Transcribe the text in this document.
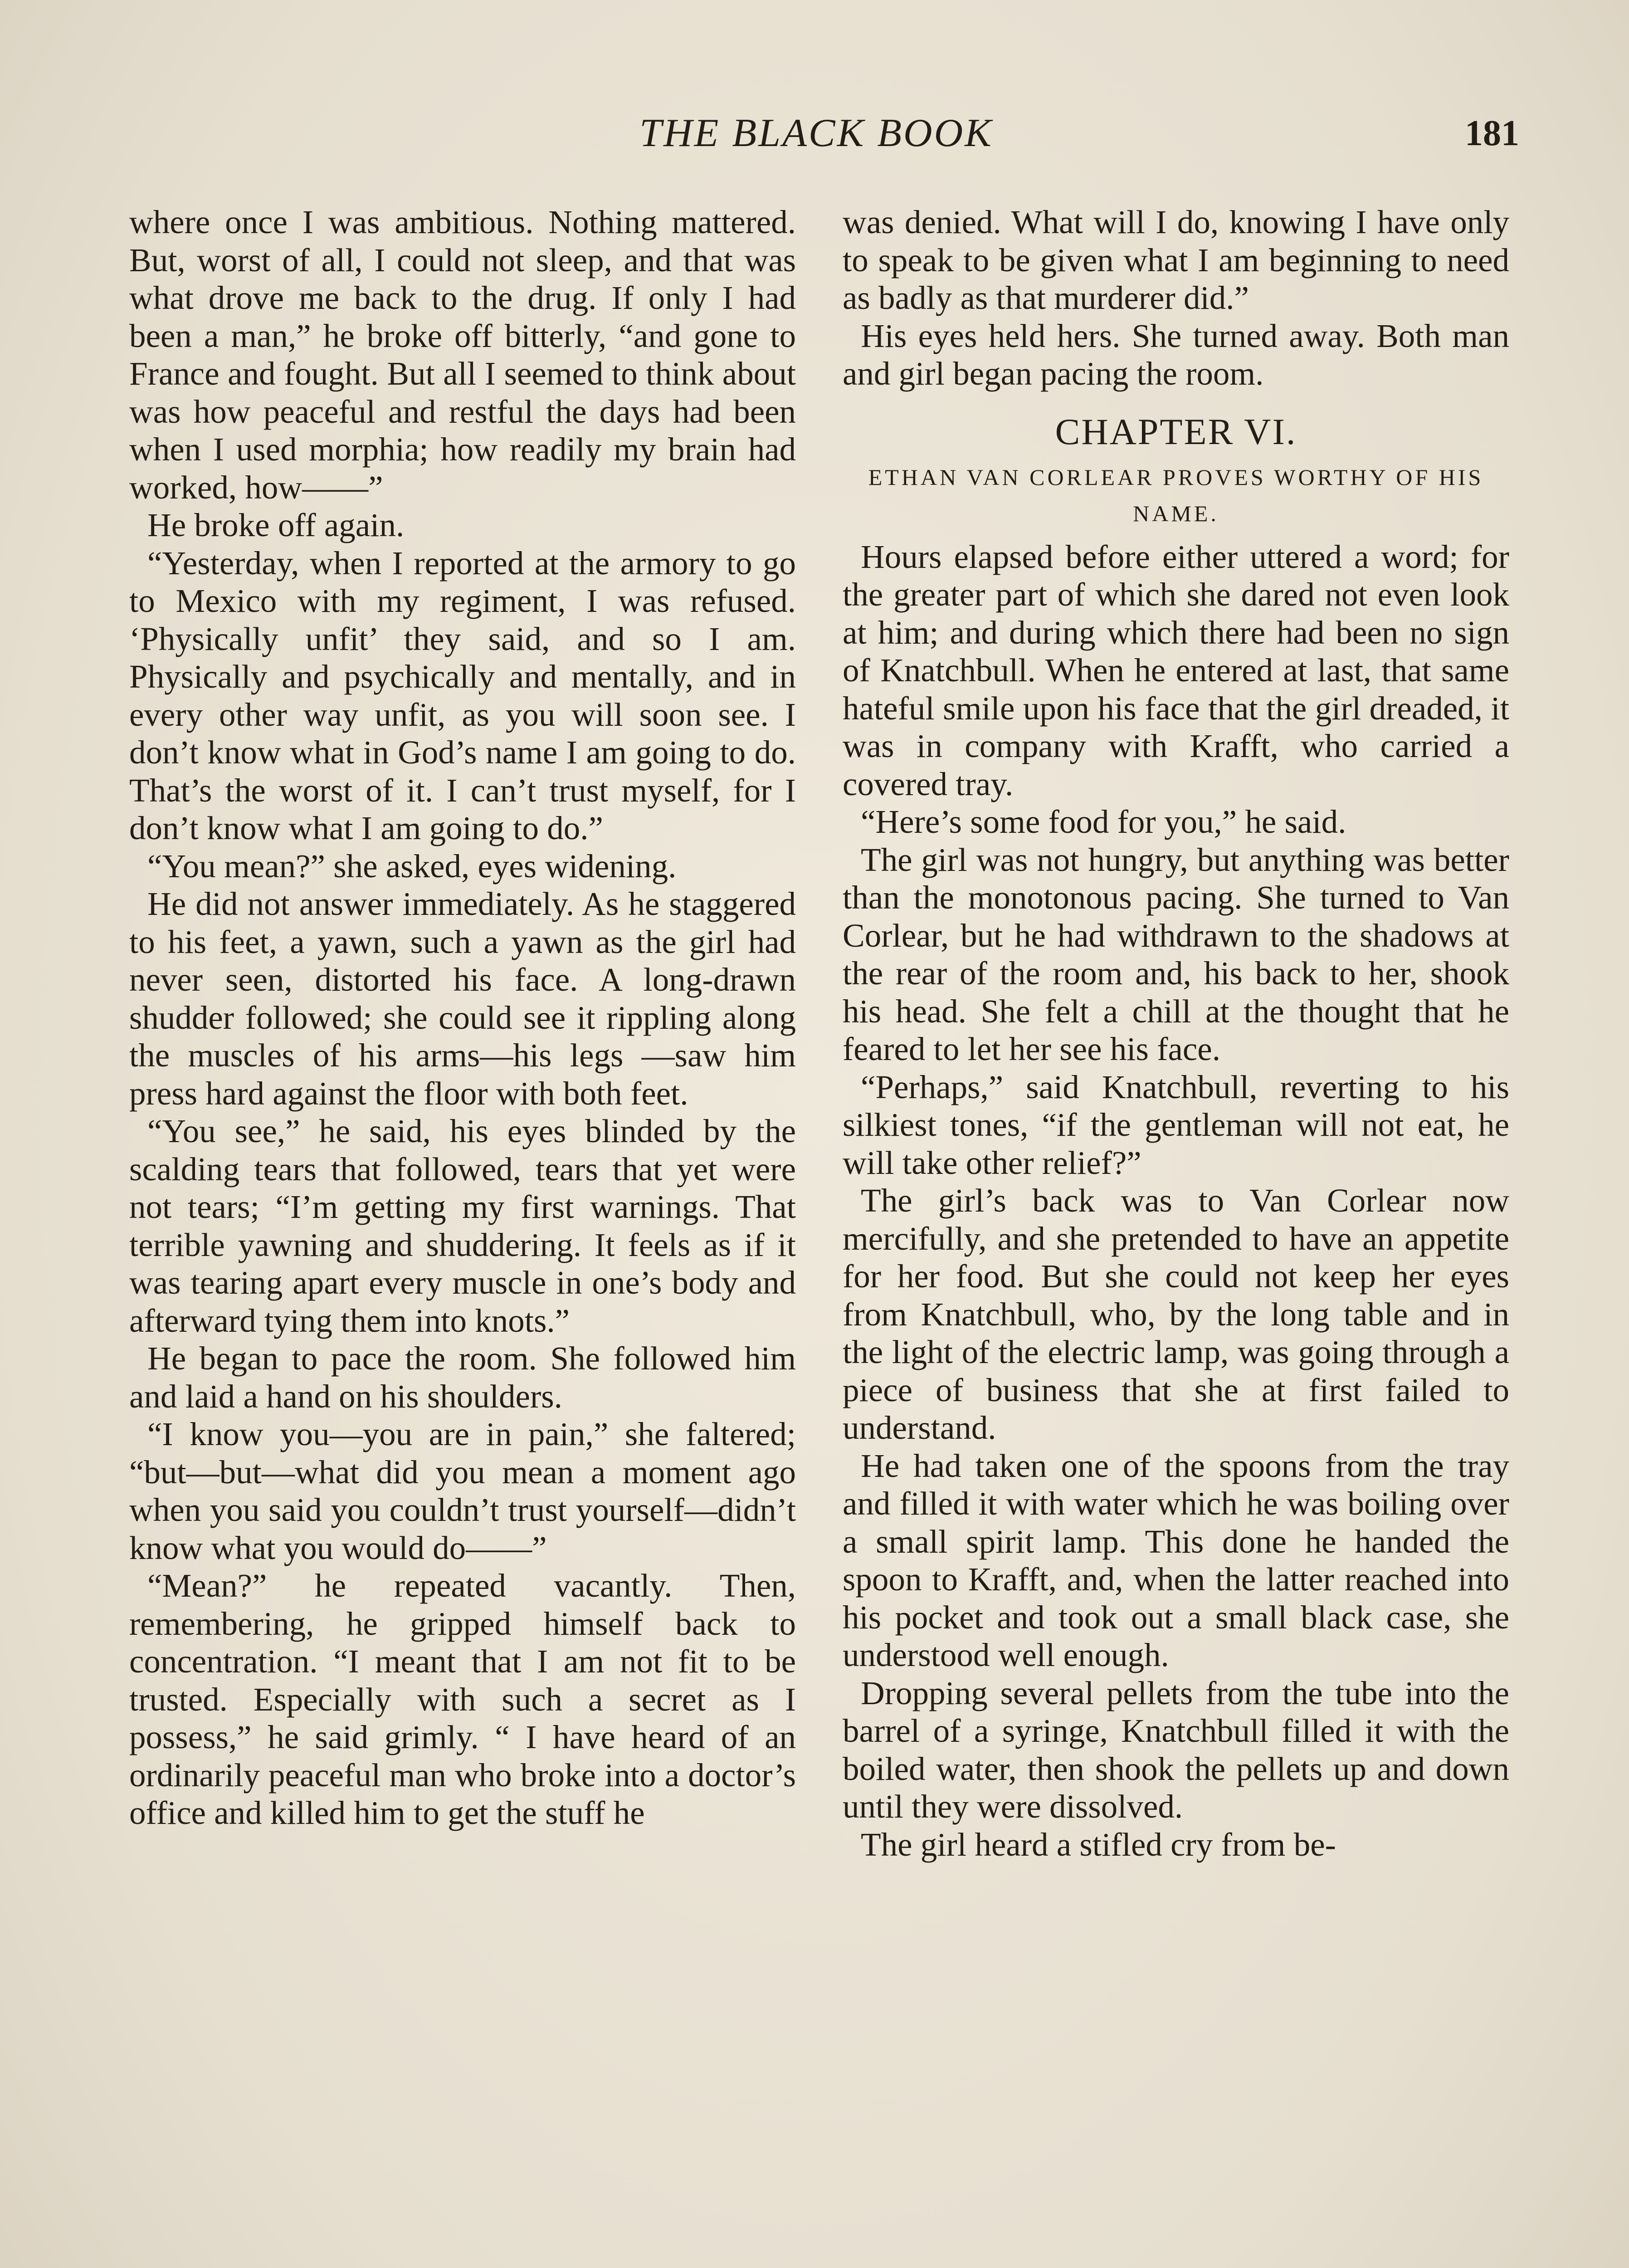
THE BLACK BOOK	181

where once I was ambitious. Nothing mattered. But, worst of all, I could not sleep, and that was what drove me back to the drug. If only I had been a man,” he broke off bitterly, “and gone to France and fought. But all I seemed to think about was how peaceful and restful the days had been when I used morphia; how readily my brain had worked, how——”

He broke off again.

“Yesterday, when I reported at the armory to go to Mexico with my regiment, I was refused. ‘Physically unfit’ they said, and so I am. Physically and psychically and mentally, and in every other way unfit, as you will soon see. I don’t know what in God’s name I am going to do. That’s the worst of it. I can’t trust myself, for I don’t know what I am going to do.”

“You mean?” she asked, eyes widening.

He did not answer immediately. As he staggered to his feet, a yawn, such a yawn as the girl had never seen, distorted his face. A long-drawn shudder followed; she could see it rippling along the muscles of his arms—his legs —saw him press hard against the floor with both feet.

“You see,” he said, his eyes blinded by the scalding tears that followed, tears that yet were not tears; “I’m getting my first warnings. That terrible yawning and shuddering. It feels as if it was tearing apart every muscle in one’s body and afterward tying them into knots.”

He began to pace the room. She followed him and laid a hand on his shoulders.

“I know you—you are in pain,” she faltered; “but—but—what did you mean a moment ago when you said you couldn’t trust yourself—didn’t know what you would do——”

“Mean?” he repeated vacantly. Then, remembering, he gripped himself back to concentration. “I meant that I am not fit to be trusted. Especially with such a secret as I possess,” he said grimly. “ I have heard of an ordinarily peaceful man who broke into a doctor’s office and killed him to get the stuff he

was denied. What will I do, knowing I have only to speak to be given what I am beginning to need as badly as that murderer did.”

His eyes held hers. She turned away. Both man and girl began pacing the room.

CHAPTER VI.
ETHAN VAN CORLEAR PROVES WORTHY OF HIS NAME.

Hours elapsed before either uttered a word; for the greater part of which she dared not even look at him; and during which there had been no sign of Knatchbull. When he entered at last, that same hateful smile upon his face that the girl dreaded, it was in company with Krafft, who carried a covered tray.

“Here’s some food for you,” he said.

The girl was not hungry, but anything was better than the monotonous pacing. She turned to Van Corlear, but he had withdrawn to the shadows at the rear of the room and, his back to her, shook his head. She felt a chill at the thought that he feared to let her see his face.

“Perhaps,” said Knatchbull, reverting to his silkiest tones, “if the gentleman will not eat, he will take other relief?”

The girl’s back was to Van Corlear now mercifully, and she pretended to have an appetite for her food. But she could not keep her eyes from Knatchbull, who, by the long table and in the light of the electric lamp, was going through a piece of business that she at first failed to understand.

He had taken one of the spoons from the tray and filled it with water which he was boiling over a small spirit lamp. This done he handed the spoon to Krafft, and, when the latter reached into his pocket and took out a small black case, she understood well enough.

Dropping several pellets from the tube into the barrel of a syringe, Knatchbull filled it with the boiled water, then shook the pellets up and down until they were dissolved.

The girl heard a stifled cry from be-
